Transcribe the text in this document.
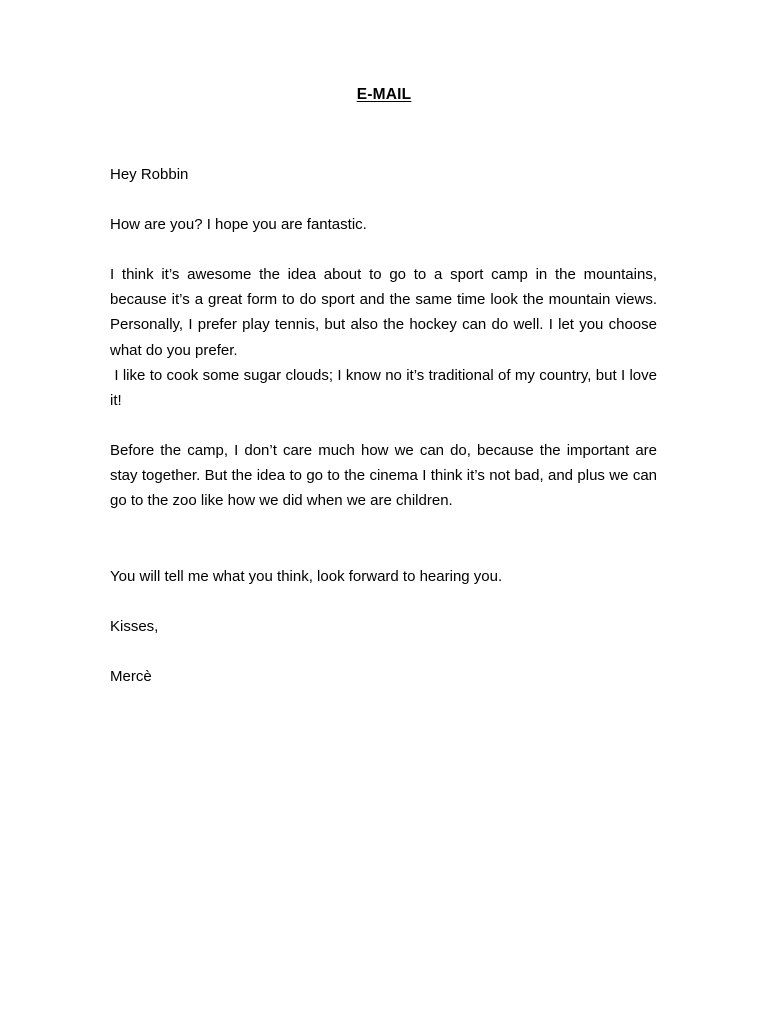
E-MAIL

Hey Robbin

How are you? I hope you are fantastic.

I think it’s awesome the idea about to go to a sport camp in the mountains, because it’s a great form to do sport and the same time look the mountain views. Personally, I prefer play tennis, but also the hockey can do well. I let you choose what do you prefer.

I like to cook some sugar clouds; I know no it’s traditional of my country, but I love it!

Before the camp, I don’t care much how we can do, because the important are stay together. But the idea to go to the cinema I think it’s not bad, and plus we can go to the zoo like how we did when we are children.

You will tell me what you think, look forward to hearing you.

Kisses,

Mercè
